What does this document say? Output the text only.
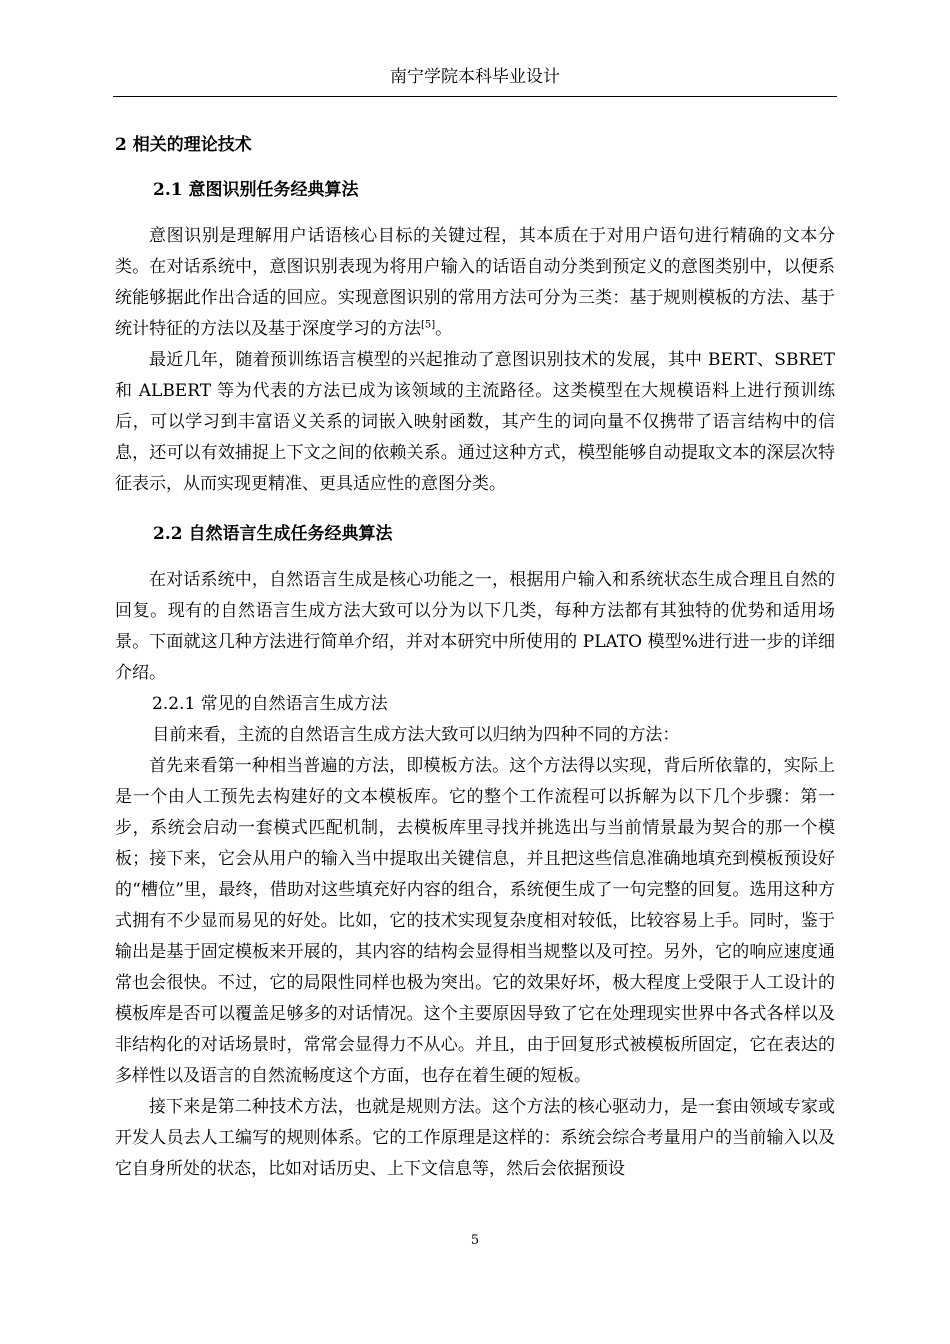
南宁学院本科毕业设计
2 相关的理论技术
2.1 意图识别任务经典算法

意图识别是理解用户话语核心目标的关键过程，其本质在于对用户语句进行精确的文本分类。在对话系统中，意图识别表现为将用户输入的话语自动分类到预定义的意图类别中，以便系统能够据此作出合适的回应。实现意图识别的常用方法可分为三类：基于规则模板的方法、基于统计特征的方法以及基于深度学习的方法[5]。

最近几年，随着预训练语言模型的兴起推动了意图识别技术的发展，其中 BERT、SBRET 和 ALBERT 等为代表的方法已成为该领域的主流路径。这类模型在大规模语料上进行预训练后，可以学习到丰富语义关系的词嵌入映射函数，其产生的词向量不仅携带了语言结构中的信息，还可以有效捕捉上下文之间的依赖关系。通过这种方式，模型能够自动提取文本的深层次特征表示，从而实现更精准、更具适应性的意图分类。

2.2 自然语言生成任务经典算法

在对话系统中，自然语言生成是核心功能之一，根据用户输入和系统状态生成合理且自然的回复。现有的自然语言生成方法大致可以分为以下几类，每种方法都有其独特的优势和适用场景。下面就这几种方法进行简单介绍，并对本研究中所使用的 PLATO 模型%进行进一步的详细介绍。

2.2.1 常见的自然语言生成方法

目前来看，主流的自然语言生成方法大致可以归纳为四种不同的方法：

首先来看第一种相当普遍的方法，即模板方法。这个方法得以实现，背后所依靠的，实际上是一个由人工预先去构建好的文本模板库。它的整个工作流程可以拆解为以下几个步骤：第一步，系统会启动一套模式匹配机制，去模板库里寻找并挑选出与当前情景最为契合的那一个模板；接下来，它会从用户的输入当中提取出关键信息，并且把这些信息准确地填充到模板预设好的“槽位”里，最终，借助对这些填充好内容的组合，系统便生成了一句完整的回复。选用这种方式拥有不少显而易见的好处。比如，它的技术实现复杂度相对较低，比较容易上手。同时，鉴于输出是基于固定模板来开展的，其内容的结构会显得相当规整以及可控。另外，它的响应速度通常也会很快。不过，它的局限性同样也极为突出。它的效果好坏，极大程度上受限于人工设计的模板库是否可以覆盖足够多的对话情况。这个主要原因导致了它在处理现实世界中各式各样以及非结构化的对话场景时，常常会显得力不从心。并且，由于回复形式被模板所固定，它在表达的多样性以及语言的自然流畅度这个方面，也存在着生硬的短板。

接下来是第二种技术方法，也就是规则方法。这个方法的核心驱动力，是一套由领域专家或开发人员去人工编写的规则体系。它的工作原理是这样的：系统会综合考量用户的当前输入以及它自身所处的状态，比如对话历史、上下文信息等，然后会依据预设

5
